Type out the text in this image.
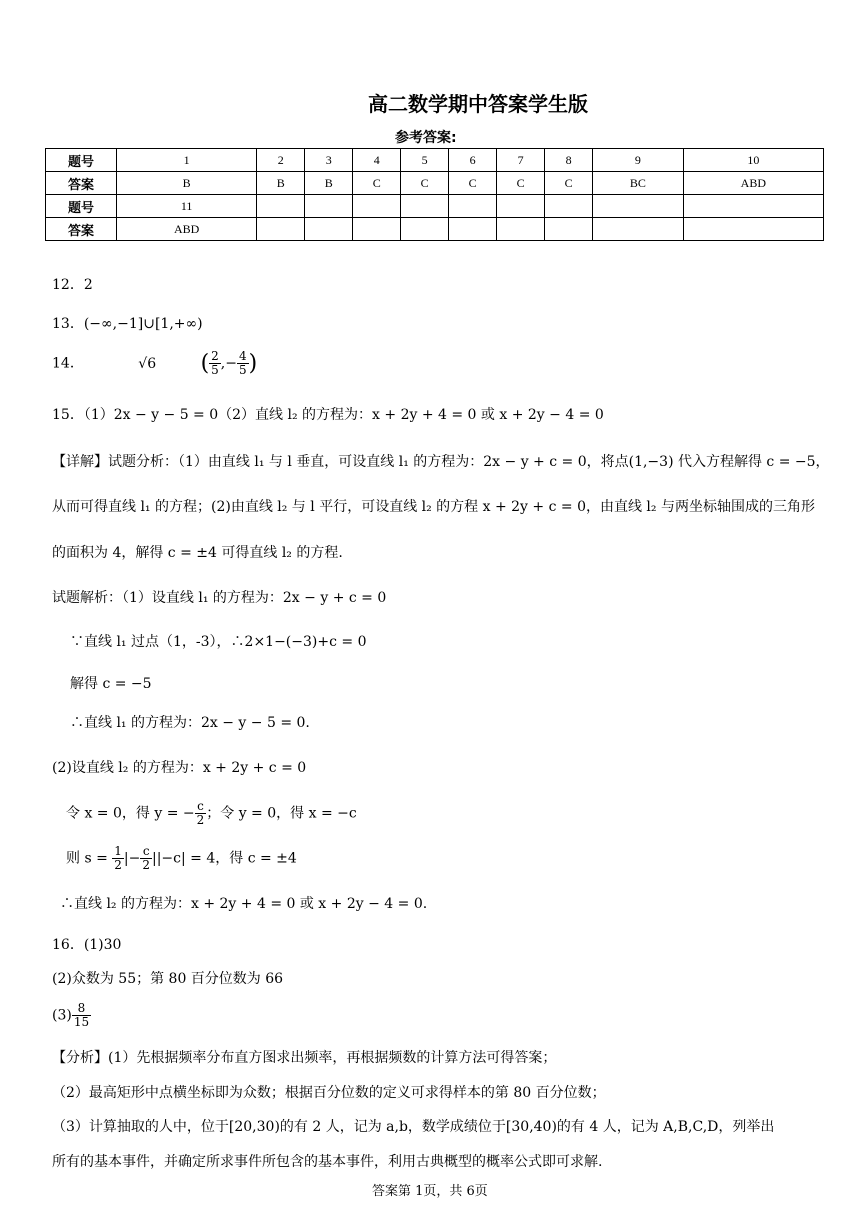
高二数学期中答案学生版
参考答案:
题号	1	2	3	4	5	6	7	8	9	10
答案	B	B	B	C	C	C	C	C	BC	ABD
题号	11									
答案	ABD									
12．2
13．(−∞,−1]∪[1,+∞)
14．	√6 ( $\frac{2}{5}$ ,− $\frac{4}{5}$ )
15．（1）2x − y − 5 = 0（2）直线 l₂ 的方程为：x + 2y + 4 = 0 或 x + 2y − 4 = 0
【详解】试题分析：（1）由直线 l₁ 与 l 垂直，可设直线 l₁ 的方程为：2x − y + c = 0，将点(1,−3) 代入方程解得 c = −5，
从而可得直线 l₁ 的方程；(2)由直线 l₂ 与 l 平行，可设直线 l₂ 的方程 x + 2y + c = 0，由直线 l₂ 与两坐标轴围成的三角形
的面积为 4，解得 c = ±4 可得直线 l₂ 的方程.
试题解析：（1）设直线 l₁ 的方程为：2x − y + c = 0
∵直线 l₁ 过点（1，-3），∴2×1−(−3)+c = 0
解得 c = −5
∴直线 l₁ 的方程为：2x − y − 5 = 0.
(2)设直线 l₂ 的方程为：x + 2y + c = 0
令 x = 0，得 y = − $\frac{c}{2}$ ；令 y = 0，得 x = −c
则 $s = \frac{1}{2}$ |− $\frac{c}{2} ||-c| = 4$，得 c = ±4
∴直线 l₂ 的方程为：x + 2y + 4 = 0 或 x + 2y − 4 = 0.
16．(1)30
(2)众数为 55；第 80 百分位数为 66
$(3) \frac{8}{15}$
【分析】(1）先根据频率分布直方图求出频率，再根据频数的计算方法可得答案；
（2）最高矩形中点横坐标即为众数；根据百分位数的定义可求得样本的第 80 百分位数；
（3）计算抽取的人中，位于[20,30)的有 2 人，记为 a,b，数学成绩位于[30,40)的有 4 人，记为 A,B,C,D，列举出
所有的基本事件，并确定所求事件所包含的基本事件，利用古典概型的概率公式即可求解.
答案第 1页，共 6页
